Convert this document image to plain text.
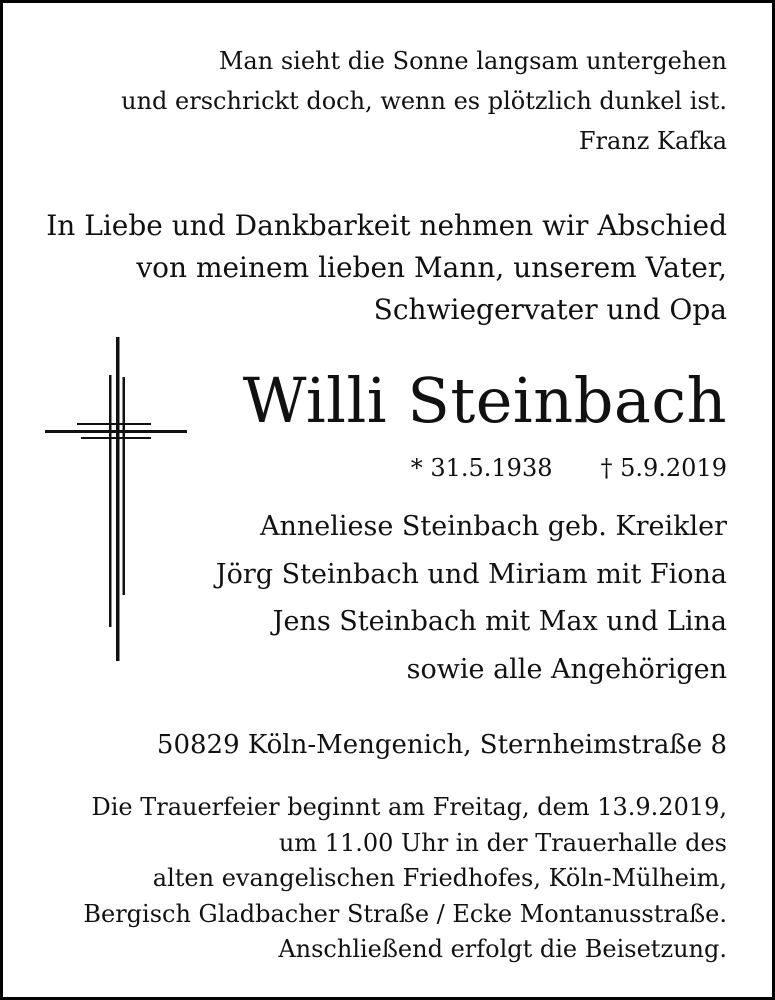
Man sieht die Sonne langsam untergehen
und erschrickt doch, wenn es plötzlich dunkel ist.
Franz Kafka
In Liebe und Dankbarkeit nehmen wir Abschied
von meinem lieben Mann, unserem Vater,
Schwiegervater und Opa
Willi Steinbach
* 31.5.1938 † 5.9.2019
Anneliese Steinbach geb. Kreikler
Jörg Steinbach und Miriam mit Fiona
Jens Steinbach mit Max und Lina
sowie alle Angehörigen
50829 Köln-Mengenich, Sternheimstraße 8
Die Trauerfeier beginnt am Freitag, dem 13.9.2019,
um 11.00 Uhr in der Trauerhalle des
alten evangelischen Friedhofes, Köln-Mülheim,
Bergisch Gladbacher Straße / Ecke Montanusstraße.
Anschließend erfolgt die Beisetzung.
